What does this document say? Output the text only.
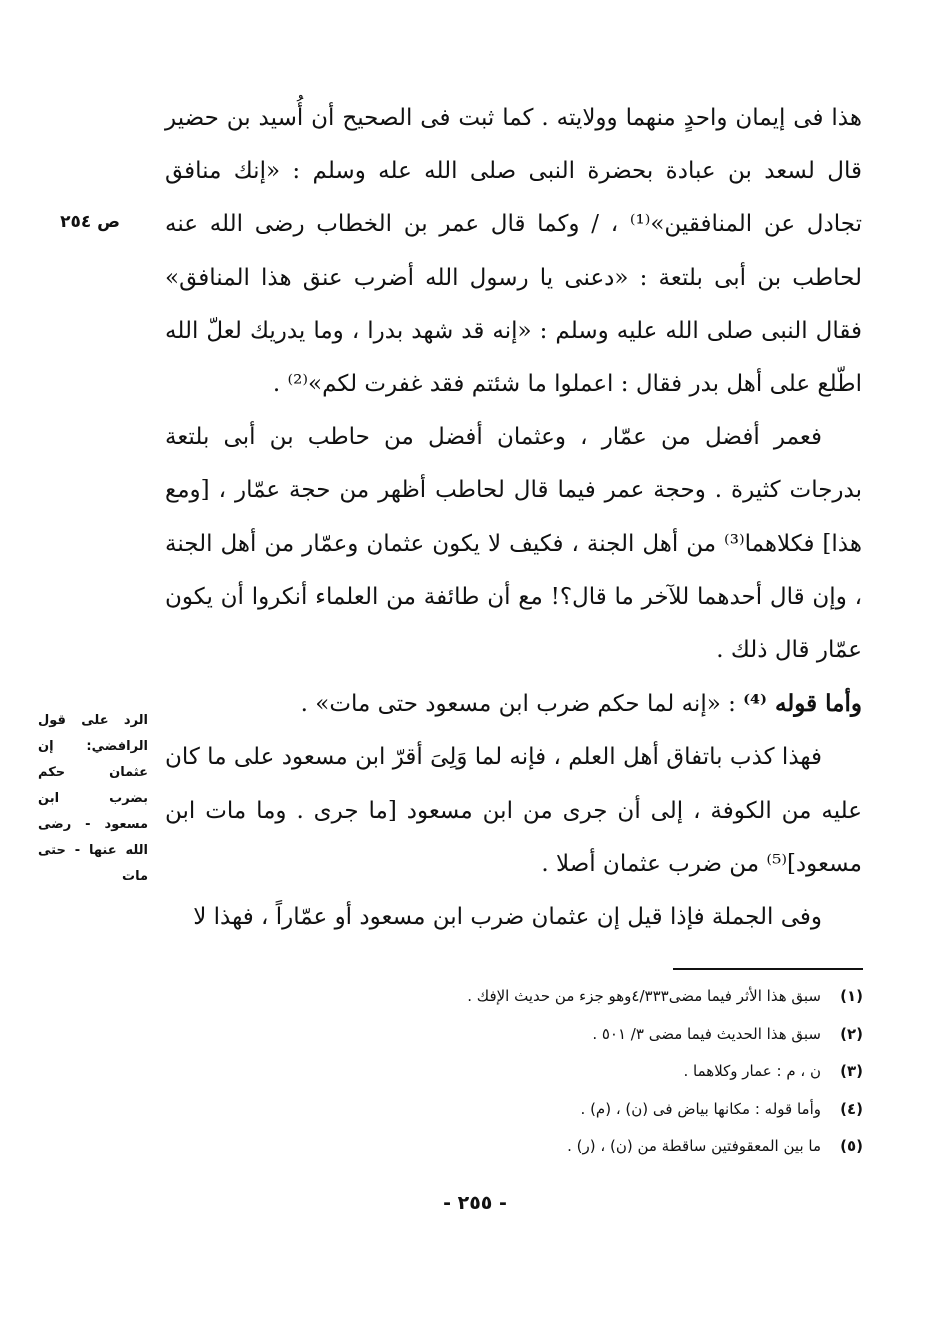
ص ٢٥٤
الرد على قول الرافضي: إن عثمان حكم بضرب ابن مسعود - رضى الله عنها - حتى مات

هذا فى إيمان واحدٍ منهما وولايته . كما ثبت فى الصحيح أن أُسيد بن حضير قال لسعد بن عبادة بحضرة النبى صلى الله عله وسلم : «إنك منافق تجادل عن المنافقين»⁽¹⁾ ، / وكما قال عمر بن الخطاب رضى الله عنه لحاطب بن أبى بلتعة : «دعنى يا رسول الله أضرب عنق هذا المنافق» فقال النبى صلى الله عليه وسلم : «إنه قد شهد بدرا ، وما يدريك لعلّ الله اطّلع على أهل بدر فقال : اعملوا ما شئتم فقد غفرت لكم»⁽²⁾ .

فعمر أفضل من عمّار ، وعثمان أفضل من حاطب بن أبى بلتعة بدرجات كثيرة . وحجة عمر فيما قال لحاطب أظهر من حجة عمّار ، [ومع هذا] فكلاهما⁽³⁾ من أهل الجنة ، فكيف لا يكون عثمان وعمّار من أهل الجنة ، وإن قال أحدهما للآخر ما قال؟! مع أن طائفة من العلماء أنكروا أن يكون عمّار قال ذلك .

وأما قوله ⁽⁴⁾ : «إنه لما حكم ضرب ابن مسعود حتى مات» .

فهذا كذب باتفاق أهل العلم ، فإنه لما وَلِىَ أقرّ ابن مسعود على ما كان عليه من الكوفة ، إلى أن جرى من ابن مسعود [ما جرى . وما مات ابن مسعود]⁽⁵⁾ من ضرب عثمان أصلا .

وفى الجملة فإذا قيل إن عثمان ضرب ابن مسعود أو عمّاراً ، فهذا لا

(١)
سبق هذا الأثر فيما مضى٤/٣٣٣وهو جزء من حديث الإفك .
(٢)
سبق هذا الحديث فيما مضى ٣/ ٥٠١ .
(٣)
ن ، م : عمار وكلاهما .
(٤)
وأما قوله : مكانها بياض فى (ن) ، (م) .
(٥)
ما بين المعقوفتين ساقطة من (ن) ، (ر) .
- ٢٥٥ -
